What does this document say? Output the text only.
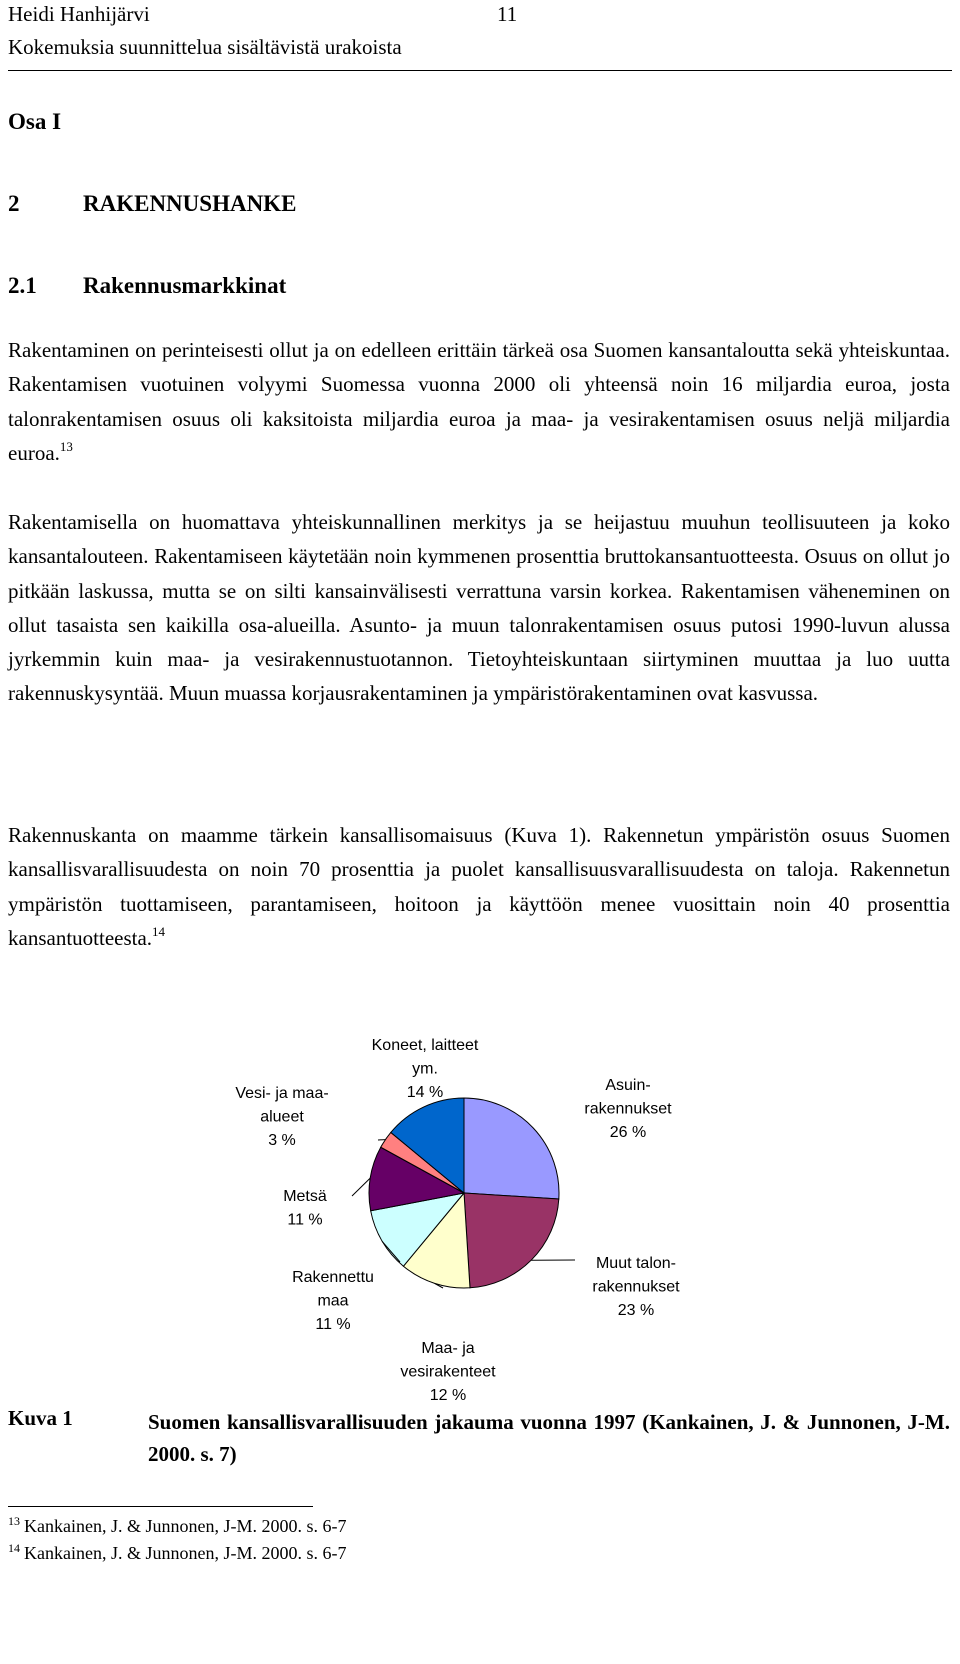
Heidi Hanhijärvi	11
Kokemuksia suunnittelua sisältävistä urakoista
Osa I
2	RAKENNUSHANKE
2.1 Rakennusmarkkinat

Rakentaminen on perinteisesti ollut ja on edelleen erittäin tärkeä osa Suomen kansantaloutta sekä yhteiskuntaa. Rakentamisen vuotuinen volyymi Suomessa vuonna 2000 oli yhteensä noin 16 miljardia euroa, josta talonrakentamisen osuus oli kaksitoista miljardia euroa ja maa- ja vesirakentamisen osuus neljä miljardia euroa.$^{13}$

Rakentamisella on huomattava yhteiskunnallinen merkitys ja se heijastuu muuhun teollisuuteen ja koko kansantalouteen. Rakentamiseen käytetään noin kymmenen prosenttia bruttokansantuotteesta. Osuus on ollut jo pitkään laskussa, mutta se on silti kansainvälisesti verrattuna varsin korkea. Rakentamisen väheneminen on ollut tasaista sen kaikilla osa-alueilla. Asunto- ja muun talonrakentamisen osuus putosi 1990-luvun alussa jyrkemmin kuin maa- ja vesirakennustuotannon. Tietoyhteiskuntaan siirtyminen muuttaa ja luo uutta rakennuskysyntää. Muun muassa korjausrakentaminen ja ympäristörakentaminen ovat kasvussa.

Rakennuskanta on maamme tärkein kansallisomaisuus (Kuva 1). Rakennetun ympäristön osuus Suomen kansallisvarallisuudesta on noin 70 prosenttia ja puolet kansallisuusvarallisuudesta on taloja. Rakennetun ympäristön tuottamiseen, parantamiseen, hoitoon ja käyttöön menee vuosittain noin 40 prosenttia kansantuotteesta.$^{14}$

Asuin-rakennukset 26 %
Muut talon-rakennukset 23 %
Maa- ja vesirakenteet 12 %
Rakennettu maa 11 %
Metsä 11 %
Vesi- ja maa-alueet 3 %
Koneet, laitteet ym. 14 %
Kuva 1	Suomen kansallisvarallisuuden jakauma vuonna 1997 (Kankainen, J. & Junnonen, J-M. 2000. s. 7)

$^{13}$ Kankainen, J. & Junnonen, J-M. 2000. s. 6-7
$^{14}$ Kankainen, J. & Junnonen, J-M. 2000. s. 6-7
